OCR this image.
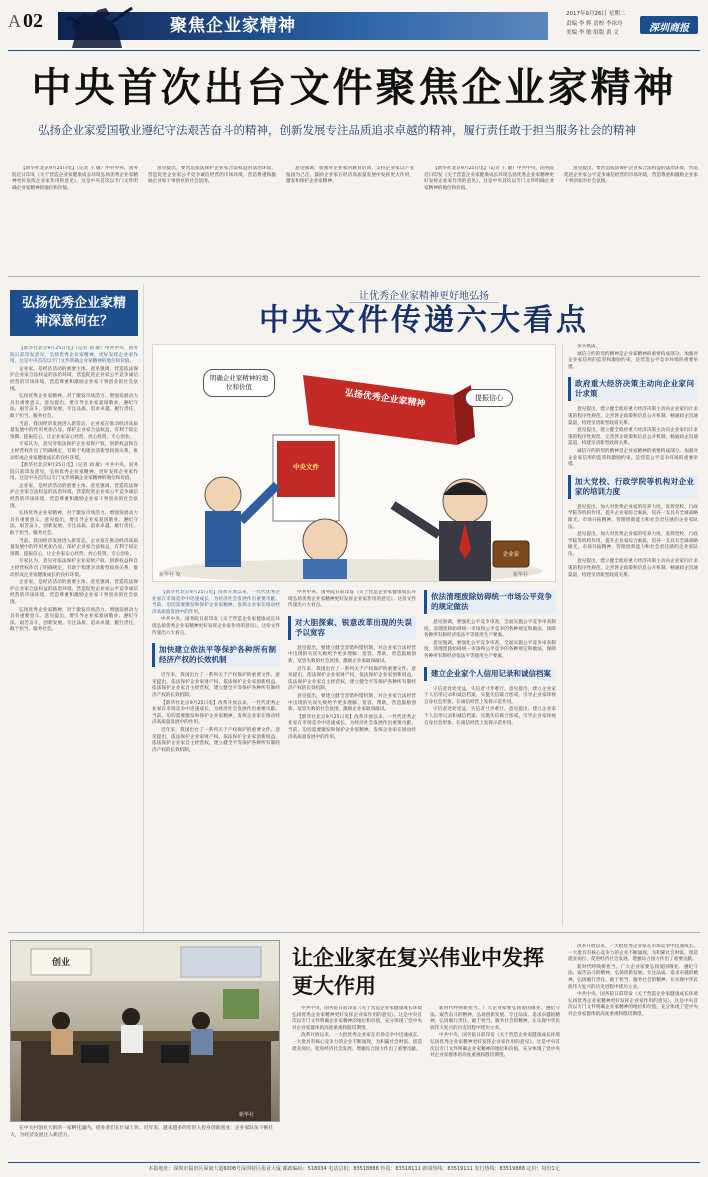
A 02	聚焦企业家精神
2017年9月26日 星期二
责编 李 辉 责校 李冰玲
美编 李 敏 组版 黄 文	深圳商报
中央首次出台文件聚焦企业家精神
弘扬企业家爱国敬业遵纪守法艰苦奋斗的精神，创新发展专注品质追求卓越的精神，履行责任敢于担当服务社会的精神

【新华社北京9月25日电】（记者 王 敏）中共中央、国务院近日印发《关于营造企业家健康成长环境弘扬优秀企业家精神更好发挥企业家作用的意见》，这是中央首次以专门文件明确企业家精神的地位和价值。

意见提出，要营造依法保护企业家合法权益的法治环境，营造促进企业家公平竞争诚信经营的市场环境，营造尊重和激励企业家干事创业的社会氛围。

意见强调，加强对企业家的教育培训，支持企业家以产业报国为己任，鼓励企业家在经济高质量发展中发挥更大作用，激发和保护企业家精神。

【新华社北京9月25日电】（记者 王 敏）中共中央、国务院近日印发《关于营造企业家健康成长环境弘扬优秀企业家精神更好发挥企业家作用的意见》，这是中央首次以专门文件明确企业家精神的地位和价值。

意见提出，要营造依法保护企业家合法权益的法治环境，营造促进企业家公平竞争诚信经营的市场环境，营造尊重和激励企业家干事创业的社会氛围。

弘扬优秀企业家精神深意何在？

【新华社北京9月25日电】（记者 刘 敏）中共中央、国务院日前印发意见，弘扬优秀企业家精神，更好发挥企业家作用。这是中央首次以专门文件明确企业家精神的地位和价值。

企业家，是经济活动的重要主体。意见强调，营造依法保护企业家合法权益的法治环境，营造促进企业家公平竞争诚信经营的市场环境，营造尊重和激励企业家干事创业的社会氛围。

弘扬优秀企业家精神，对于激发市场活力、增强发展动力具有重要意义。意见提出，要引导企业家爱国敬业、遵纪守法、艰苦奋斗，创新发展、专注品质、追求卓越，履行责任、敢于担当、服务社会。

当前，我国经济发展进入新常态，企业家在推动经济高质量发展中的作用更加凸显。保护企业家合法权益，有利于稳定预期、提振信心，让企业家安心经营、放心投资、专心创业。

专家认为，意见对依法保护企业家财产权、创新权益和自主经营权作出了明确规定，有助于构建亲清新型政商关系，推动形成企业家健康成长的良好环境。

【新华社北京9月25日电】（记者 刘 敏）中共中央、国务院日前印发意见，弘扬优秀企业家精神，更好发挥企业家作用。这是中央首次以专门文件明确企业家精神的地位和价值。

企业家，是经济活动的重要主体。意见强调，营造依法保护企业家合法权益的法治环境，营造促进企业家公平竞争诚信经营的市场环境，营造尊重和激励企业家干事创业的社会氛围。

弘扬优秀企业家精神，对于激发市场活力、增强发展动力具有重要意义。意见提出，要引导企业家爱国敬业、遵纪守法、艰苦奋斗，创新发展、专注品质、追求卓越，履行责任、敢于担当、服务社会。

当前，我国经济发展进入新常态，企业家在推动经济高质量发展中的作用更加凸显。保护企业家合法权益，有利于稳定预期、提振信心，让企业家安心经营、放心投资、专心创业。

专家认为，意见对依法保护企业家财产权、创新权益和自主经营权作出了明确规定，有助于构建亲清新型政商关系，推动形成企业家健康成长的良好环境。

企业家，是经济活动的重要主体。意见强调，营造依法保护企业家合法权益的法治环境，营造促进企业家公平竞争诚信经营的市场环境，营造尊重和激励企业家干事创业的社会氛围。

弘扬优秀企业家精神，对于激发市场活力、增强发展动力具有重要意义。意见提出，要引导企业家爱国敬业、遵纪守法、艰苦奋斗，创新发展、专注品质、追求卓越，履行责任、敢于担当、服务社会。

让优秀企业家精神更好地弘扬
中央文件传递六大看点
明确企业家精神的地位和价值
弘扬优秀企业家精神	提振信心
中央文件
企业家
新华社 发	新华社

【新华社北京9月25日电】改革开放以来，一代代优秀企业家在市场竞争中迅速成长，为经济社会发展作出重要贡献。当前，迫切需要激发和保护企业家精神，发挥企业家在推动经济高质量发展中的作用。

中共中央、国务院日前印发《关于营造企业家健康成长环境弘扬优秀企业家精神更好发挥企业家作用的意见》。这份文件传递出六大看点。

加快建立依法平等保护各种所有制经济产权的长效机制

近年来，我国出台了一系列关于产权保护的重要文件。意见提出，依法保护企业家财产权，依法保护企业家创新权益，依法保护企业家自主经营权，建立健全平等保护各种所有制经济产权的长效机制。

【新华社北京9月25日电】改革开放以来，一代代优秀企业家在市场竞争中迅速成长，为经济社会发展作出重要贡献。当前，迫切需要激发和保护企业家精神，发挥企业家在推动经济高质量发展中的作用。

近年来，我国出台了一系列关于产权保护的重要文件。意见提出，依法保护企业家财产权，依法保护企业家创新权益，依法保护企业家自主经营权，建立健全平等保护各种所有制经济产权的长效机制。

中共中央、国务院日前印发《关于营造企业家健康成长环境弘扬优秀企业家精神更好发挥企业家作用的意见》。这份文件传递出六大看点。

对大胆探索、锐意改革出现的失误予以宽容

意见提出，要建立健全容错纠错机制，对企业家合法经营中出现的失误失败给予更多理解、宽容、帮助，营造鼓励创新、宽容失败的社会氛围，激励企业家敢闯敢试。

近年来，我国出台了一系列关于产权保护的重要文件。意见提出，依法保护企业家财产权，依法保护企业家创新权益，依法保护企业家自主经营权，建立健全平等保护各种所有制经济产权的长效机制。

意见提出，要建立健全容错纠错机制，对企业家合法经营中出现的失误失败给予更多理解、宽容、帮助，营造鼓励创新、宽容失败的社会氛围，激励企业家敢闯敢试。

【新华社北京9月25日电】改革开放以来，一代代优秀企业家在市场竞争中迅速成长，为经济社会发展作出重要贡献。当前，迫切需要激发和保护企业家精神，发挥企业家在推动经济高质量发展中的作用。

依法清理废除妨碍统一市场公平竞争的规定做法

意见强调，要强化公平竞争审查，全面实施公平竞争审查制度，清理废除妨碍统一市场和公平竞争的各种规定和做法，保障各种所有制经济依法平等使用生产要素。

意见强调，要强化公平竞争审查，全面实施公平竞争审查制度，清理废除妨碍统一市场和公平竞争的各种规定和做法，保障各种所有制经济依法平等使用生产要素。

建立企业家个人信用记录和诚信档案

守信者处处受益，失信者寸步难行。意见提出，建立企业家个人信用记录和诚信档案，实施失信联合惩戒，引导企业家珍视自身社会形象，在诚信经营上发挥示范作用。

守信者处处受益，失信者寸步难行。意见提出，建立企业家个人信用记录和诚信档案，实施失信联合惩戒，引导企业家珍视自身社会形象，在诚信经营上发挥示范作用。

多头执法。

诚信守约的契约精神是企业家精神的重要构成部分。加强对企业家信用的监管和激励约束，是营造公平竞争环境的重要举措。

政府重大经济决策主动向企业家问计求策

意见提出，建立健全政府重大经济决策主动向企业家问计求策的程序性规范，完善涉企政策和信息公开机制，畅通政企沟通渠道，构建亲清新型政商关系。

意见提出，建立健全政府重大经济决策主动向企业家问计求策的程序性规范，完善涉企政策和信息公开机制，畅通政企沟通渠道，构建亲清新型政商关系。

诚信守约的契约精神是企业家精神的重要构成部分。加强对企业家信用的监管和激励约束，是营造公平竞争环境的重要举措。

加大党校、行政学院等机构对企业家的培训力度

意见提出，加大对优秀企业家的培养力度，发挥党校、行政学院等机构作用，提升企业家综合素质，培养一支具有全球战略眼光、市场开拓精神、管理创新能力和社会责任感的企业家队伍。

意见提出，加大对优秀企业家的培养力度，发挥党校、行政学院等机构作用，提升企业家综合素质，培养一支具有全球战略眼光、市场开拓精神、管理创新能力和社会责任感的企业家队伍。

意见提出，建立健全政府重大经济决策主动向企业家问计求策的程序性规范，完善涉企政策和信息公开机制，畅通政企沟通渠道，构建亲清新型政商关系。

创业
新华社
在中关村创业大街的一家孵化器内，创业者们在忙碌工作。近年来，越来越多的年轻人投身创新创业，企业家队伍不断壮大，为经济发展注入新活力。
让企业家在复兴伟业中发挥更大作用

中共中央、国务院日前印发《关于营造企业家健康成长环境弘扬优秀企业家精神更好发挥企业家作用的意见》。这是中央首次以专门文件明确企业家精神的地位和价值，充分体现了党中央对企业家群体的高度重视和殷切期望。

改革开放以来，一大批优秀企业家在市场竞争中迅速成长，一大批具有核心竞争力的企业不断涌现，为积累社会财富、创造就业岗位、促进经济社会发展、增强综合国力作出了重要贡献。

新时代呼唤新担当。广大企业家要弘扬爱国敬业、遵纪守法、艰苦奋斗的精神，弘扬创新发展、专注品质、追求卓越的精神，弘扬履行责任、敢于担当、服务社会的精神，在实现中华民族伟大复兴的历史进程中建功立业。

中共中央、国务院日前印发《关于营造企业家健康成长环境弘扬优秀企业家精神更好发挥企业家作用的意见》。这是中央首次以专门文件明确企业家精神的地位和价值，充分体现了党中央对企业家群体的高度重视和殷切期望。

改革开放以来，一大批优秀企业家在市场竞争中迅速成长，一大批具有核心竞争力的企业不断涌现，为积累社会财富、创造就业岗位、促进经济社会发展、增强综合国力作出了重要贡献。

新时代呼唤新担当。广大企业家要弘扬爱国敬业、遵纪守法、艰苦奋斗的精神，弘扬创新发展、专注品质、追求卓越的精神，弘扬履行责任、敢于担当、服务社会的精神，在实现中华民族伟大复兴的历史进程中建功立业。

中共中央、国务院日前印发《关于营造企业家健康成长环境弘扬优秀企业家精神更好发挥企业家作用的意见》。这是中央首次以专门文件明确企业家精神的地位和价值，充分体现了党中央对企业家群体的高度重视和殷切期望。

本报地址：深圳市福田区深南大道6008号深圳特区报业大厦 邮政编码：518034 电话总机：83518888 传真：83518111 新闻热线：83519111 发行热线：83519888 定价：每份1元
